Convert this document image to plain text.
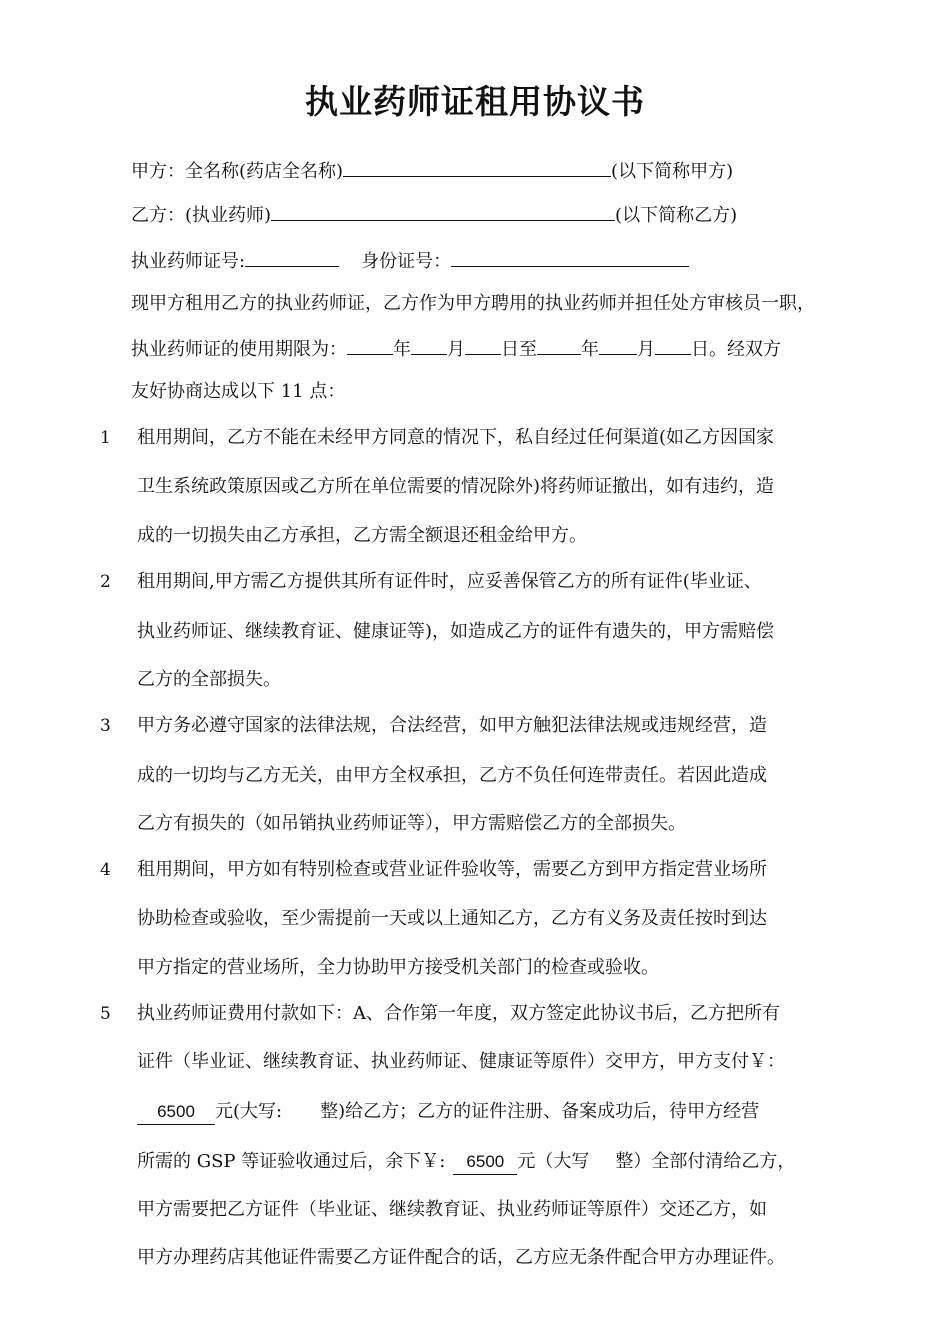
执业药师证租用协议书
甲方：全名称(药店全名称)	(以下简称甲方)
乙方：(执业药师)	(以下简称乙方)
执业药师证号:	身份证号：
现甲方租用乙方的执业药师证，乙方作为甲方聘用的执业药师并担任处方审核员一职，
执业药师证的使用期限为：	年 月 日至 年 月 日。经双方
友好协商达成以下 11 点：
1 租用期间，乙方不能在未经甲方同意的情况下，私自经过任何渠道(如乙方因国家
卫生系统政策原因或乙方所在单位需要的情况除外)将药师证撤出，如有违约，造
成的一切损失由乙方承担，乙方需全额退还租金给甲方。
2 租用期间,甲方需乙方提供其所有证件时，应妥善保管乙方的所有证件(毕业证、
执业药师证、继续教育证、健康证等)，如造成乙方的证件有遗失的，甲方需赔偿
乙方的全部损失。
3 甲方务必遵守国家的法律法规，合法经营，如甲方触犯法律法规或违规经营，造
成的一切均与乙方无关，由甲方全权承担，乙方不负任何连带责任。若因此造成
乙方有损失的（如吊销执业药师证等），甲方需赔偿乙方的全部损失。
4 租用期间，甲方如有特别检查或营业证件验收等，需要乙方到甲方指定营业场所
协助检查或验收，至少需提前一天或以上通知乙方，乙方有义务及责任按时到达
甲方指定的营业场所，全力协助甲方接受机关部门的检查或验收。
5 执业药师证费用付款如下：A、合作第一年度，双方签定此协议书后，乙方把所有
证件（毕业证、继续教育证、执业药师证、健康证等原件）交甲方，甲方支付￥：
6500 元(大写: 整)给乙方；乙方的证件注册、备案成功后，待甲方经营
所需的 GSP 等证验收通过后，余下￥: 6500 元（大写 整）全部付清给乙方，
甲方需要把乙方证件（毕业证、继续教育证、执业药师证等原件）交还乙方，如
甲方办理药店其他证件需要乙方证件配合的话，乙方应无条件配合甲方办理证件。
